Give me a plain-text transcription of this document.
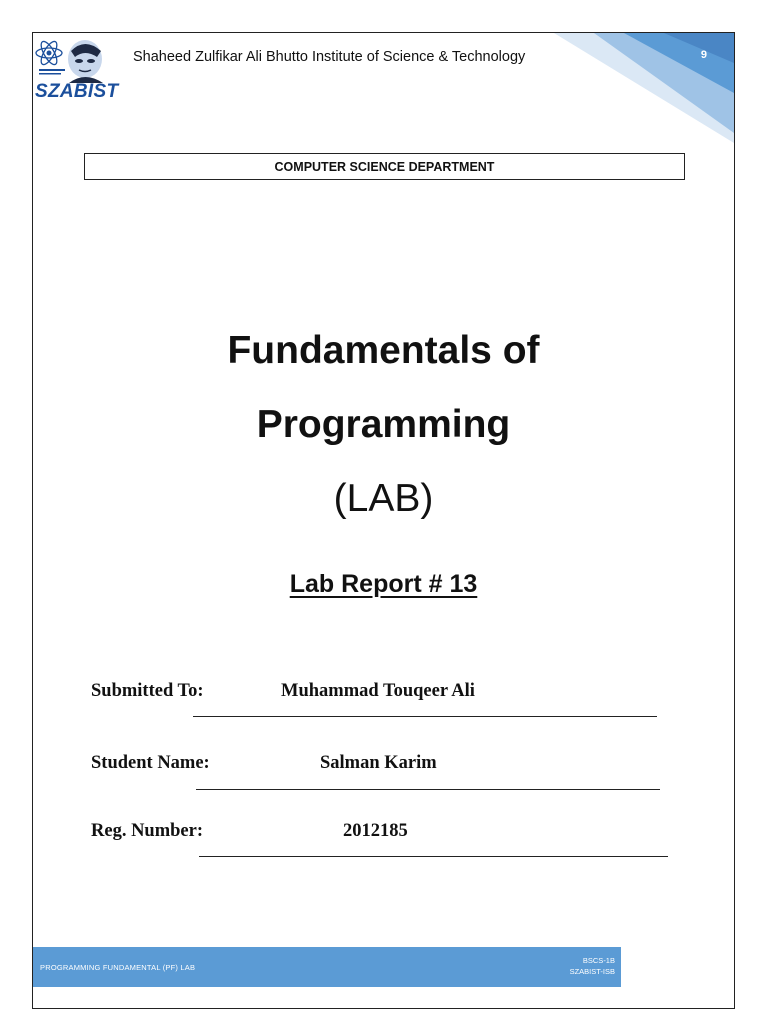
SZABIST
Shaheed Zulfikar Ali Bhutto Institute of Science & Technology	9
COMPUTER SCIENCE DEPARTMENT
Fundamentals of
Programming
(LAB)
Lab Report # 13
Submitted To:	Muhammad Touqeer Ali
Student Name:	Salman Karim
Reg. Number:	2012185
PROGRAMMING FUNDAMENTAL (PF) LAB
BSCS-1B
SZABIST-ISB
